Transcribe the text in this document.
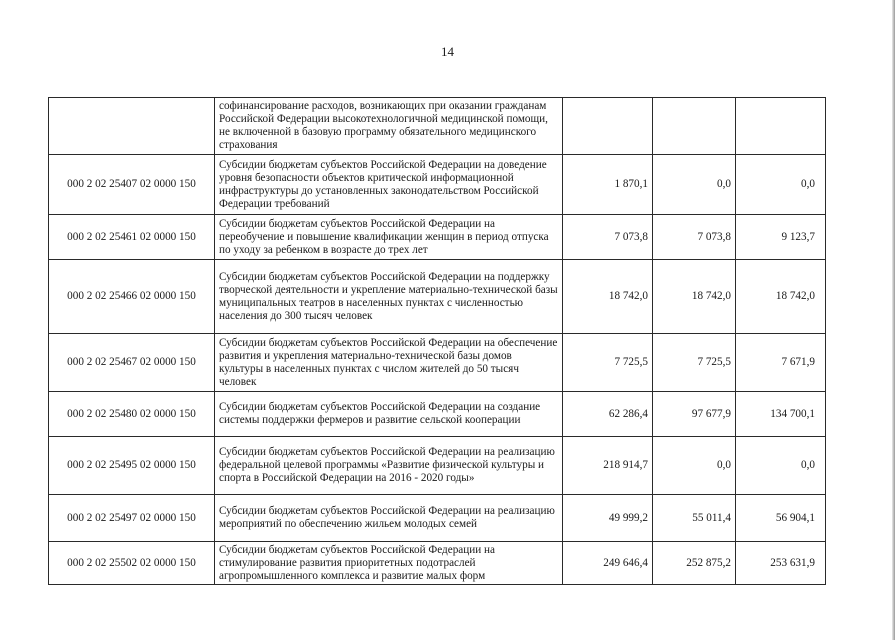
14
	софинансирование расходов, возникающих при оказании гражданам Российской Федерации высокотехнологичной медицинской помощи, не включенной в базовую программу обязательного медицинского страхования			
000 2 02 25407 02 0000 150	Субсидии бюджетам субъектов Российской Федерации на доведение уровня безопасности объектов критической информационной инфраструктуры до установленных законодательством Российской Федерации требований	1 870,1	0,0	0,0
000 2 02 25461 02 0000 150	Субсидии бюджетам субъектов Российской Федерации на переобучение и повышение квалификации женщин в период отпуска по уходу за ребенком в возрасте до трех лет	7 073,8	7 073,8	9 123,7
000 2 02 25466 02 0000 150	Субсидии бюджетам субъектов Российской Федерации на поддержку творческой деятельности и укрепление материально-технической базы муниципальных театров в населенных пунктах с численностью населения до 300 тысяч человек	18 742,0	18 742,0	18 742,0
000 2 02 25467 02 0000 150	Субсидии бюджетам субъектов Российской Федерации на обеспечение развития и укрепления материально-технической базы домов культуры в населенных пунктах с числом жителей до 50 тысяч человек	7 725,5	7 725,5	7 671,9
000 2 02 25480 02 0000 150	Субсидии бюджетам субъектов Российской Федерации на создание системы поддержки фермеров и развитие сельской кооперации	62 286,4	97 677,9	134 700,1
000 2 02 25495 02 0000 150	Субсидии бюджетам субъектов Российской Федерации на реализацию федеральной целевой программы «Развитие физической культуры и спорта в Российской Федерации на 2016 - 2020 годы»	218 914,7	0,0	0,0
000 2 02 25497 02 0000 150	Субсидии бюджетам субъектов Российской Федерации на реализацию мероприятий по обеспечению жильем молодых семей	49 999,2	55 011,4	56 904,1
000 2 02 25502 02 0000 150	Субсидии бюджетам субъектов Российской Федерации на стимулирование развития приоритетных подотраслей агропромышленного комплекса и развитие малых форм	249 646,4	252 875,2	253 631,9
